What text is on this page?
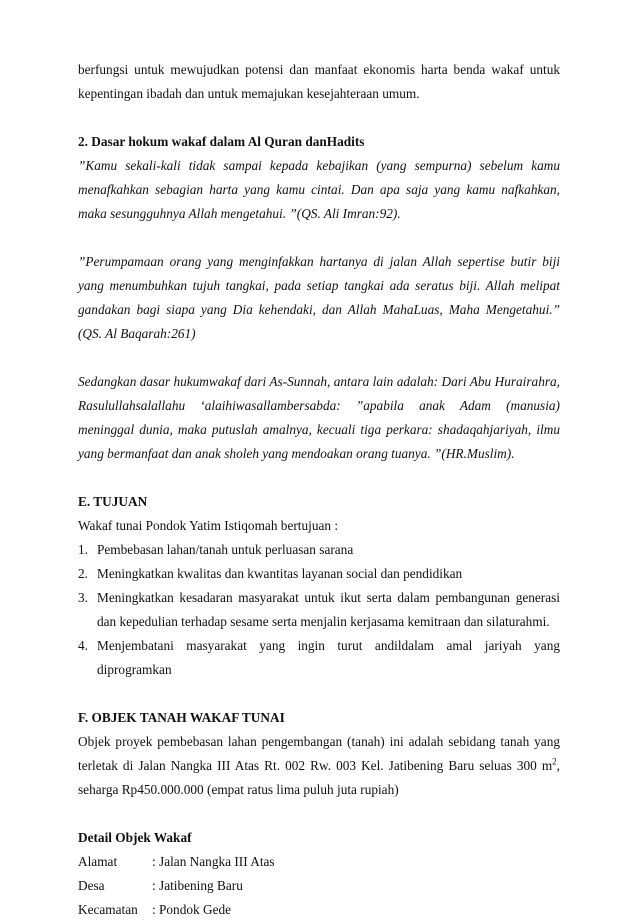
berfungsi untuk mewujudkan potensi dan manfaat ekonomis harta benda wakaf untuk kepentingan ibadah dan untuk memajukan kesejahteraan umum.

2. Dasar hokum wakaf dalam Al Quran danHadits

”Kamu sekali-kali tidak sampai kepada kebajikan (yang sempurna) sebelum kamu menafkahkan sebagian harta yang kamu cintai. Dan apa saja yang kamu nafkahkan, maka sesungguhnya Allah mengetahui. ”(QS. Ali Imran:92).

”Perumpamaan orang yang menginfakkan hartanya di jalan Allah sepertise butir biji yang menumbuhkan tujuh tangkai, pada setiap tangkai ada seratus biji. Allah melipat gandakan bagi siapa yang Dia kehendaki, dan Allah MahaLuas, Maha Mengetahui.” (QS. Al Baqarah:261)

Sedangkan dasar hukumwakaf dari As-Sunnah, antara lain adalah: Dari Abu Hurairahra, Rasulullahsalallahu ‘alaihiwasallambersabda: ”apabila anak Adam (manusia) meninggal dunia, maka putuslah amalnya, kecuali tiga perkara: shadaqahjariyah, ilmu yang bermanfaat dan anak sholeh yang mendoakan orang tuanya. ”(HR.Muslim).

E. TUJUAN

Wakaf tunai Pondok Yatim Istiqomah bertujuan :

1. Pembebasan lahan/tanah untuk perluasan sarana
2. Meningkatkan kwalitas dan kwantitas layanan social dan pendidikan
3. Meningkatkan kesadaran masyarakat untuk ikut serta dalam pembangunan generasi dan kepedulian terhadap sesame serta menjalin kerjasama kemitraan dan silaturahmi.
4. Menjembatani masyarakat yang ingin turut andildalam amal jariyah yang diprogramkan

F. OBJEK TANAH WAKAF TUNAI

Objek proyek pembebasan lahan pengembangan (tanah) ini adalah sebidang tanah yang terletak di Jalan Nangka III Atas Rt. 002 Rw. 003 Kel. Jatibening Baru seluas 300 $m^2$, seharga Rp450.000.000 (empat ratus lima puluh juta rupiah)

Detail Objek Wakaf

Alamat	: Jalan Nangka III Atas
Desa	: Jatibening Baru
Kecamatan	: Pondok Gede
